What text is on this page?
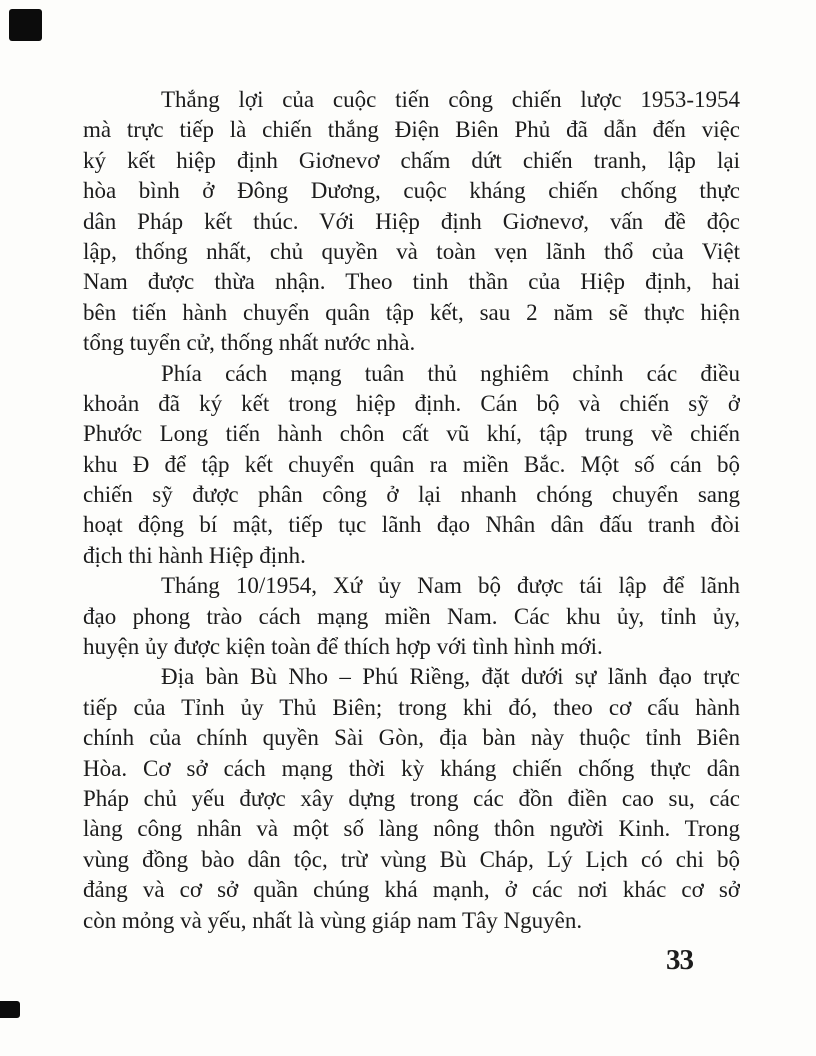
Thắng lợi của cuộc tiến công chiến lược 1953-1954
mà trực tiếp là chiến thắng Điện Biên Phủ đã dẫn đến việc
ký kết hiệp định Giơnevơ chấm dứt chiến tranh, lập lại
hòa bình ở Đông Dương, cuộc kháng chiến chống thực
dân Pháp kết thúc. Với Hiệp định Giơnevơ, vấn đề độc
lập, thống nhất, chủ quyền và toàn vẹn lãnh thổ của Việt
Nam được thừa nhận. Theo tinh thần của Hiệp định, hai
bên tiến hành chuyển quân tập kết, sau 2 năm sẽ thực hiện
tổng tuyển cử, thống nhất nước nhà.

Phía cách mạng tuân thủ nghiêm chỉnh các điều
khoản đã ký kết trong hiệp định. Cán bộ và chiến sỹ ở
Phước Long tiến hành chôn cất vũ khí, tập trung về chiến
khu Đ để tập kết chuyển quân ra miền Bắc. Một số cán bộ
chiến sỹ được phân công ở lại nhanh chóng chuyển sang
hoạt động bí mật, tiếp tục lãnh đạo Nhân dân đấu tranh đòi
địch thi hành Hiệp định.

Tháng 10/1954, Xứ ủy Nam bộ được tái lập để lãnh
đạo phong trào cách mạng miền Nam. Các khu ủy, tỉnh ủy,
huyện ủy được kiện toàn để thích hợp với tình hình mới.

Địa bàn Bù Nho – Phú Riềng, đặt dưới sự lãnh đạo trực
tiếp của Tỉnh ủy Thủ Biên; trong khi đó, theo cơ cấu hành
chính của chính quyền Sài Gòn, địa bàn này thuộc tỉnh Biên
Hòa. Cơ sở cách mạng thời kỳ kháng chiến chống thực dân
Pháp chủ yếu được xây dựng trong các đồn điền cao su, các
làng công nhân và một số làng nông thôn người Kinh. Trong
vùng đồng bào dân tộc, trừ vùng Bù Cháp, Lý Lịch có chi bộ
đảng và cơ sở quần chúng khá mạnh, ở các nơi khác cơ sở
còn mỏng và yếu, nhất là vùng giáp nam Tây Nguyên.

33
